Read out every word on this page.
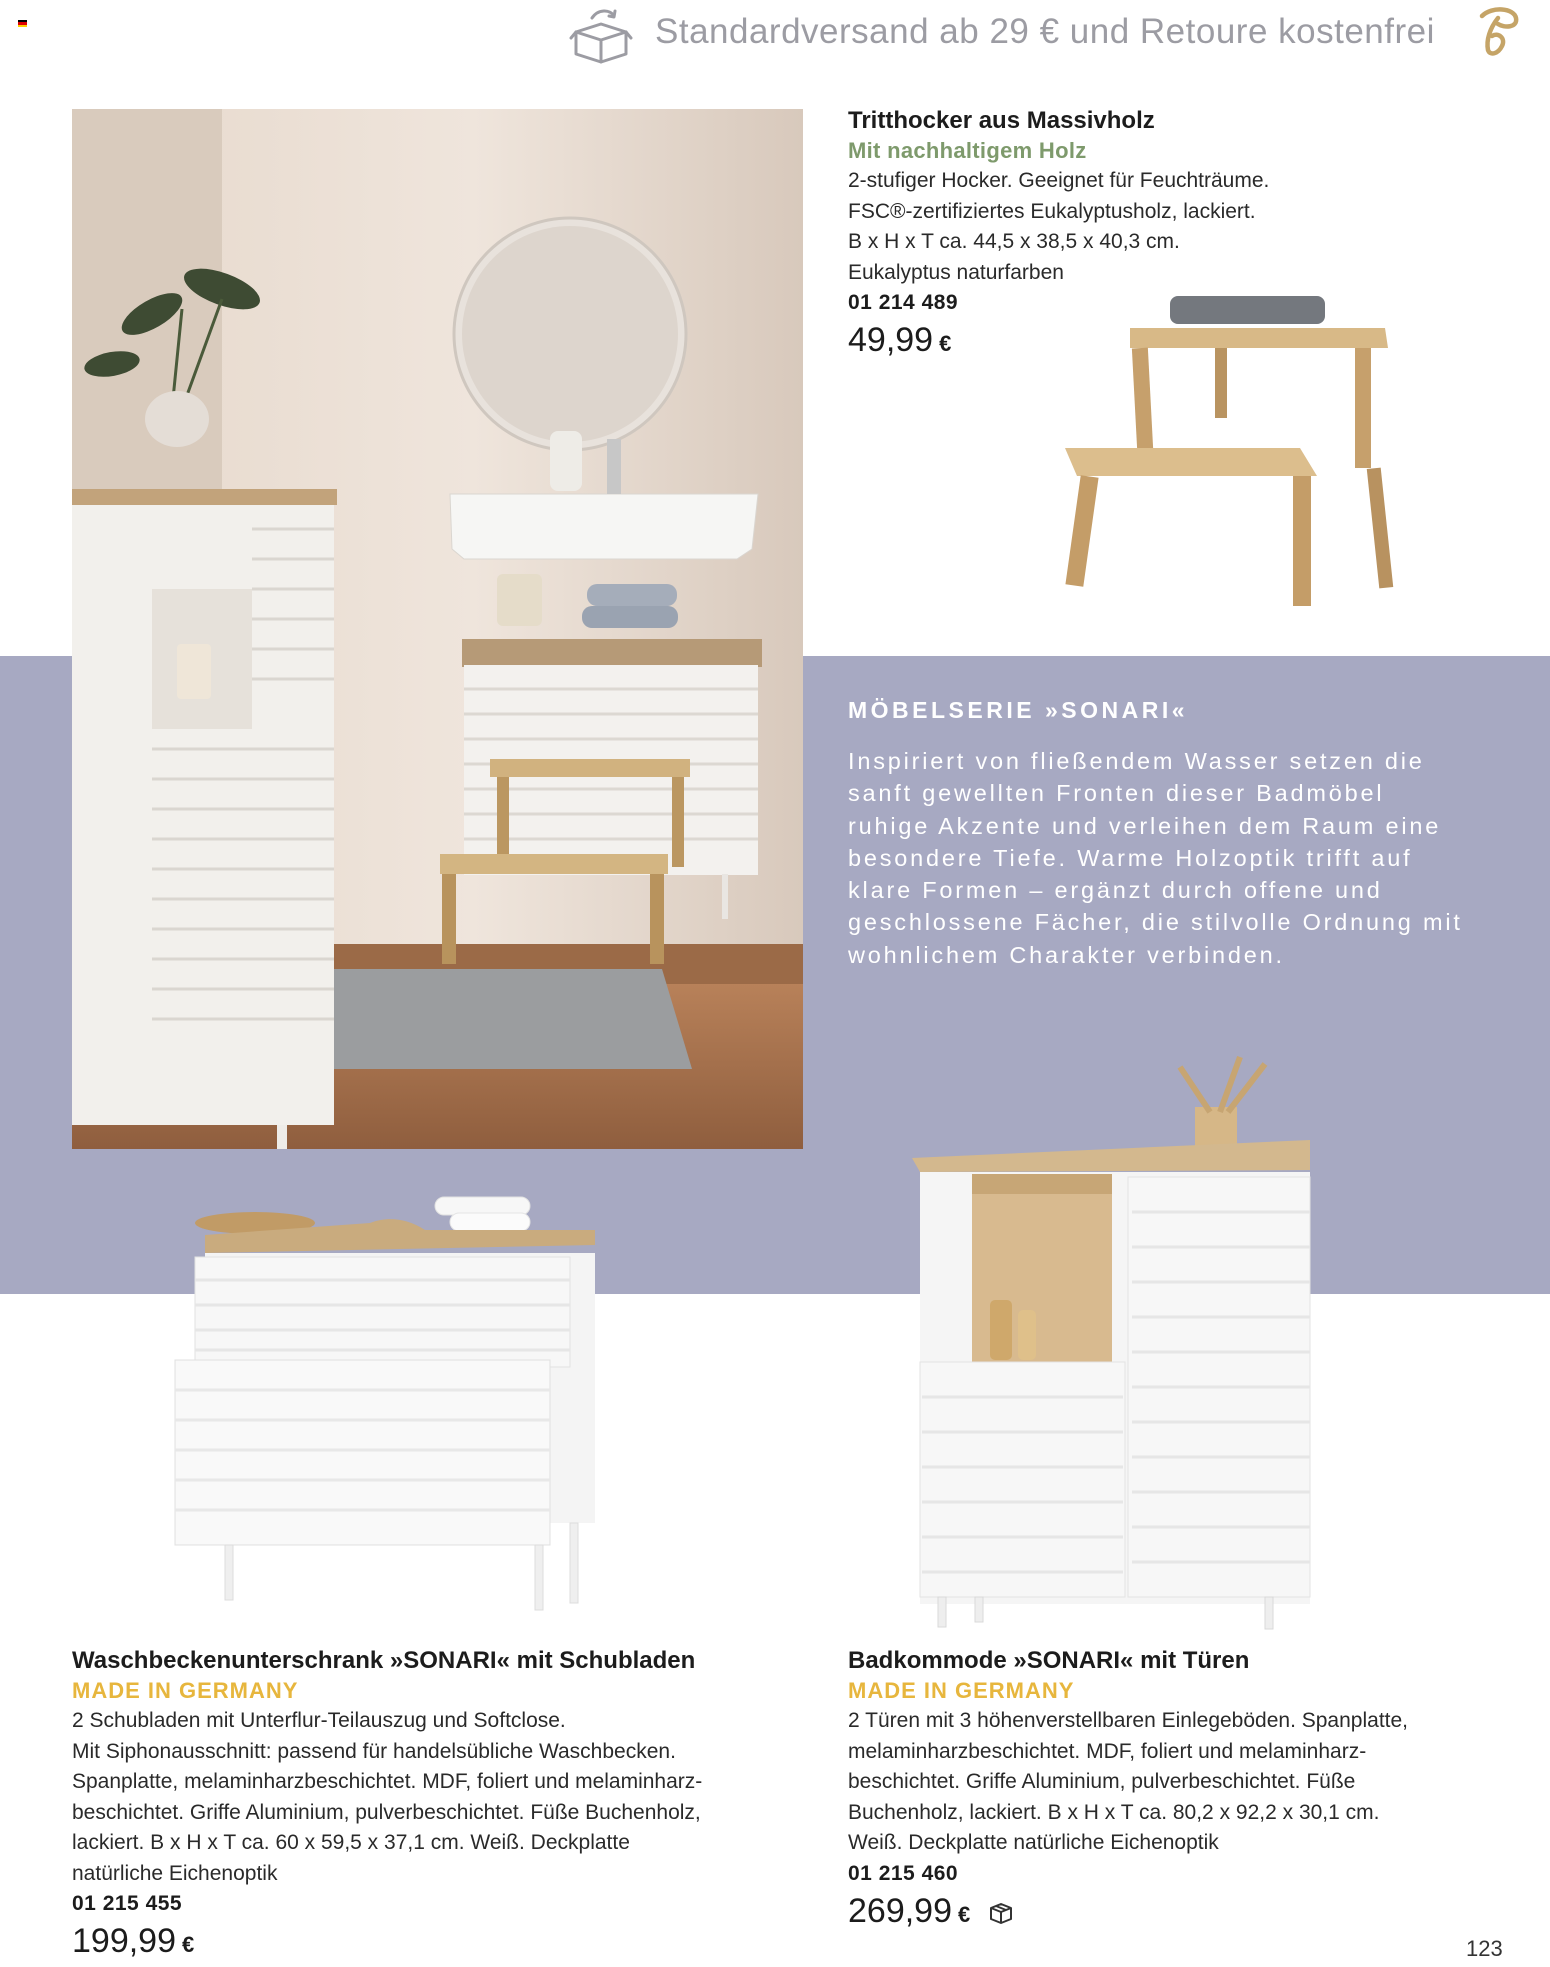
Standardversand ab 29 € und Retoure kostenfrei
Tritthocker aus Massivholz
Mit nachhaltigem Holz
2-stufiger Hocker. Geeignet für Feuchträume.
FSC®-zertifiziertes Eukalyptusholz, lackiert.
B x H x T ca. 44,5 x 38,5 x 40,3 cm.
Eukalyptus naturfarben
01 214 489
49,99 €
MÖBELSERIE »SONARI«
Inspiriert von fließendem Wasser setzen die sanft gewellten Fronten dieser Badmöbel ruhige Akzente und verleihen dem Raum eine besondere Tiefe. Warme Holzoptik trifft auf klare Formen – ergänzt durch offene und geschlossene Fächer, die stilvolle Ordnung mit wohnlichem Charakter verbinden.
Waschbeckenunterschrank »SONARI« mit Schubladen
MADE IN GERMANY
2 Schubladen mit Unterflur-Teilauszug und Softclose.
Mit Siphonausschnitt: passend für handelsübliche Waschbecken.
Spanplatte, melaminharzbeschichtet. MDF, foliert und melaminharz-
beschichtet. Griffe Aluminium, pulverbeschichtet. Füße Buchenholz,
lackiert. B x H x T ca. 60 x 59,5 x 37,1 cm. Weiß. Deckplatte
natürliche Eichenoptik
01 215 455
199,99 €
Badkommode »SONARI« mit Türen
MADE IN GERMANY
2 Türen mit 3 höhenverstellbaren Einlegeböden. Spanplatte,
melaminharzbeschichtet. MDF, foliert und melaminharz-
beschichtet. Griffe Aluminium, pulverbeschichtet. Füße
Buchenholz, lackiert. B x H x T ca. 80,2 x 92,2 x 30,1 cm.
Weiß. Deckplatte natürliche Eichenoptik
01 215 460
269,99 €
123
